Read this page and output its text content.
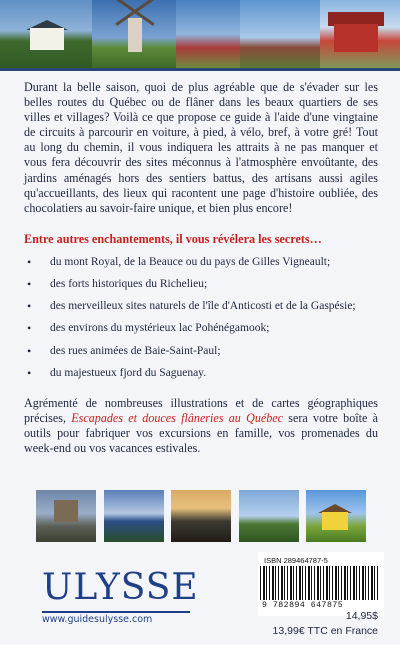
Durant la belle saison, quoi de plus agréable que de s'évader sur les belles routes du Québec ou de flâner dans les beaux quartiers de ses villes et villages? Voilà ce que propose ce guide à l'aide d'une vingtaine de circuits à parcourir en voiture, à pied, à vélo, bref, à votre gré! Tout au long du chemin, il vous indiquera les attraits à ne pas manquer et vous fera découvrir des sites méconnus à l'atmosphère envoûtante, des jardins aménagés hors des sentiers battus, des artisans aussi agiles qu'accueillants, des lieux qui racontent une page d'histoire oubliée, des chocolatiers au savoir-faire unique, et bien plus encore!

Entre autres enchantements, il vous révélera les secrets…

• du mont Royal, de la Beauce ou du pays de Gilles Vigneault;
• des forts historiques du Richelieu;
• des merveilleux sites naturels de l'île d'Anticosti et de la Gaspésie;
• des environs du mystérieux lac Pohénégamook;
• des rues animées de Baie-Saint-Paul;
• du majestueux fjord du Saguenay.

Agrémenté de nombreuses illustrations et de cartes géographiques précises, Escapades et douces flâneries au Québec sera votre boîte à outils pour fabriquer vos excursions en famille, vos promenades du week-end ou vos vacances estivales.

ULYSSE
www.guidesulysse.com
ISBN 289464787-5
9 782894 647875
14,95$
13,99€ TTC en France
